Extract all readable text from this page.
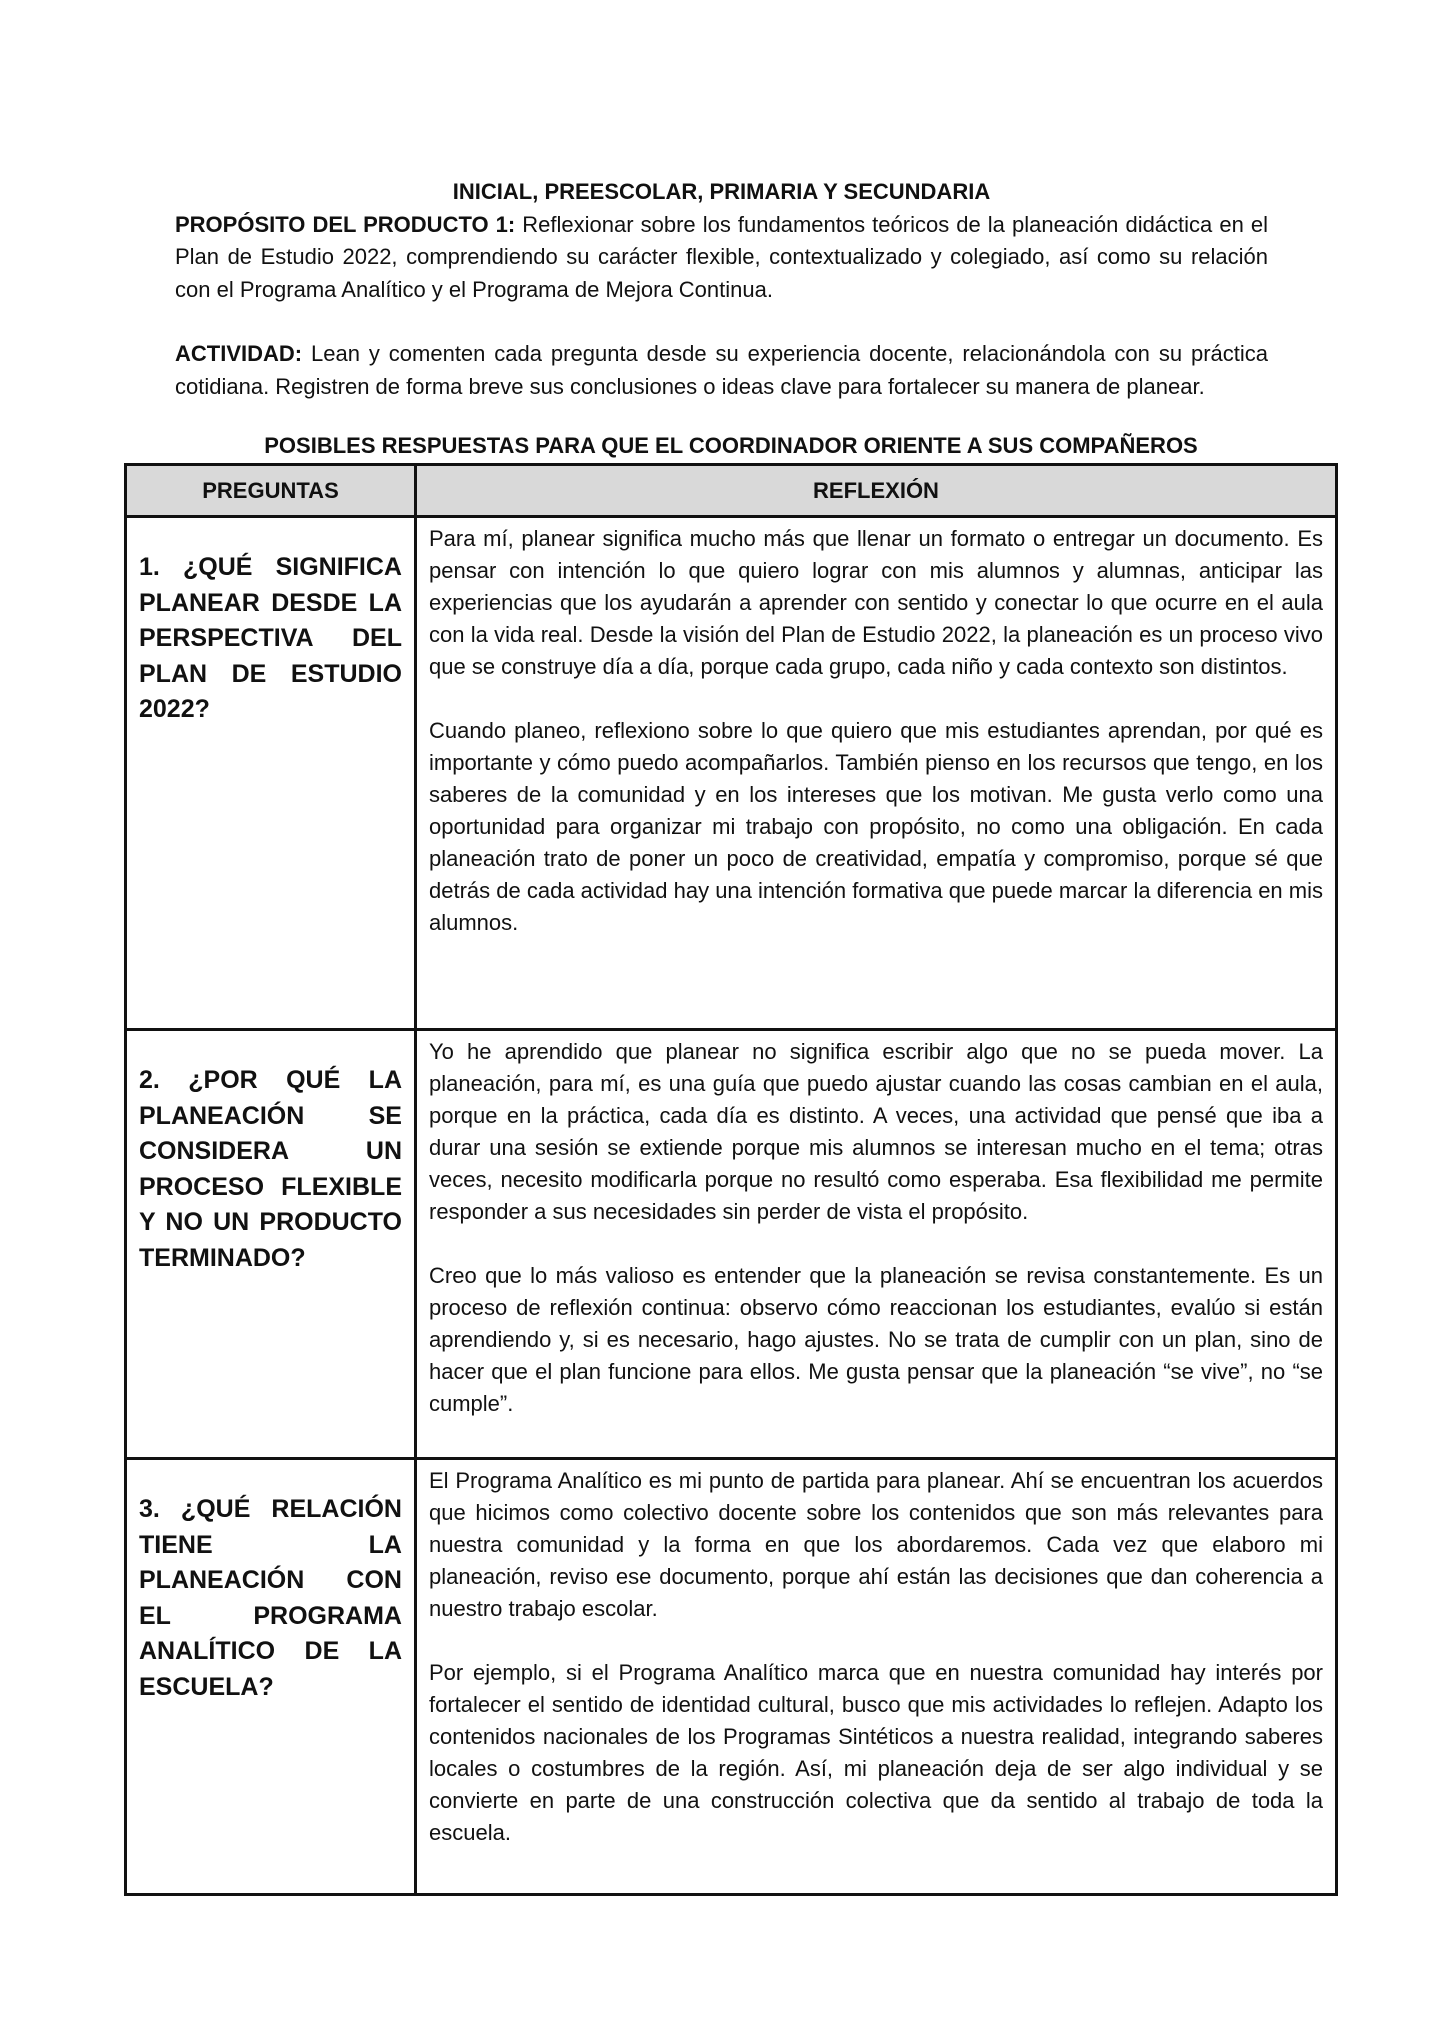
INICIAL, PREESCOLAR, PRIMARIA Y SECUNDARIA

PROPÓSITO DEL PRODUCTO 1: Reflexionar sobre los fundamentos teóricos de la planeación didáctica en el Plan de Estudio 2022, comprendiendo su carácter flexible, contextualizado y colegiado, así como su relación con el Programa Analítico y el Programa de Mejora Continua.

ACTIVIDAD: Lean y comenten cada pregunta desde su experiencia docente, relacionándola con su práctica cotidiana. Registren de forma breve sus conclusiones o ideas clave para fortalecer su manera de planear.

POSIBLES RESPUESTAS PARA QUE EL COORDINADOR ORIENTE A SUS COMPAÑEROS
PREGUNTAS	REFLEXIÓN
1. ¿QUÉ SIGNIFICA PLANEAR DESDE LA PERSPECTIVA DEL PLAN DE ESTUDIO 2022?	Para mí, planear significa mucho más que llenar un formato o entregar un documento. Es pensar con intención lo que quiero lograr con mis alumnos y alumnas, anticipar las experiencias que los ayudarán a aprender con sentido y conectar lo que ocurre en el aula con la vida real. Desde la visión del Plan de Estudio 2022, la planeación es un proceso vivo que se construye día a día, porque cada grupo, cada niño y cada contexto son distintos.

Cuando planeo, reflexiono sobre lo que quiero que mis estudiantes aprendan, por qué es importante y cómo puedo acompañarlos. También pienso en los recursos que tengo, en los saberes de la comunidad y en los intereses que los motivan. Me gusta verlo como una oportunidad para organizar mi trabajo con propósito, no como una obligación. En cada planeación trato de poner un poco de creatividad, empatía y compromiso, porque sé que detrás de cada actividad hay una intención formativa que puede marcar la diferencia en mis alumnos.

2. ¿POR QUÉ LA PLANEACIÓN SE CONSIDERA UN PROCESO FLEXIBLE Y NO UN PRODUCTO TERMINADO?	Yo he aprendido que planear no significa escribir algo que no se pueda mover. La planeación, para mí, es una guía que puedo ajustar cuando las cosas cambian en el aula, porque en la práctica, cada día es distinto. A veces, una actividad que pensé que iba a durar una sesión se extiende porque mis alumnos se interesan mucho en el tema; otras veces, necesito modificarla porque no resultó como esperaba. Esa flexibilidad me permite responder a sus necesidades sin perder de vista el propósito.

Creo que lo más valioso es entender que la planeación se revisa constantemente. Es un proceso de reflexión continua: observo cómo reaccionan los estudiantes, evalúo si están aprendiendo y, si es necesario, hago ajustes. No se trata de cumplir con un plan, sino de hacer que el plan funcione para ellos. Me gusta pensar que la planeación “se vive”, no “se cumple”.

3. ¿QUÉ RELACIÓN TIENE LA PLANEACIÓN CON EL PROGRAMA ANALÍTICO DE LA ESCUELA?	El Programa Analítico es mi punto de partida para planear. Ahí se encuentran los acuerdos que hicimos como colectivo docente sobre los contenidos que son más relevantes para nuestra comunidad y la forma en que los abordaremos. Cada vez que elaboro mi planeación, reviso ese documento, porque ahí están las decisiones que dan coherencia a nuestro trabajo escolar.

Por ejemplo, si el Programa Analítico marca que en nuestra comunidad hay interés por fortalecer el sentido de identidad cultural, busco que mis actividades lo reflejen. Adapto los contenidos nacionales de los Programas Sintéticos a nuestra realidad, integrando saberes locales o costumbres de la región. Así, mi planeación deja de ser algo individual y se convierte en parte de una construcción colectiva que da sentido al trabajo de toda la escuela.
